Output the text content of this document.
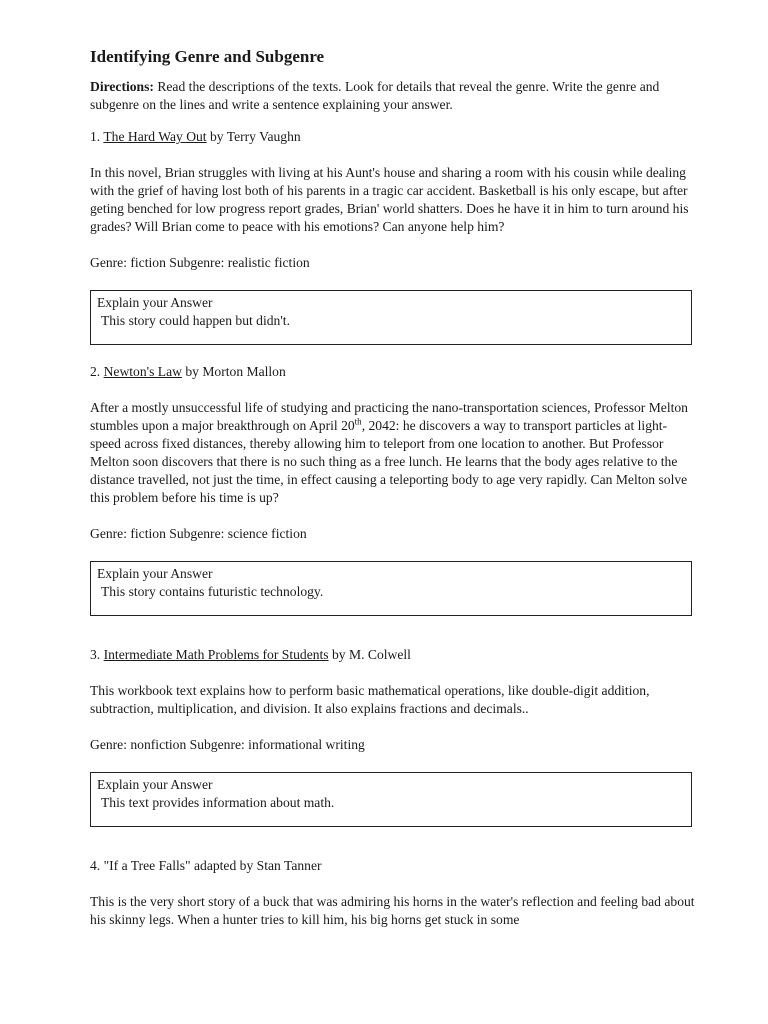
Identifying Genre and Subgenre
Directions: Read the descriptions of the texts. Look for details that reveal the genre. Write the genre and subgenre on the lines and write a sentence explaining your answer.
1. The Hard Way Out by Terry Vaughn
In this novel, Brian struggles with living at his Aunt's house and sharing a room with his cousin while dealing with the grief of having lost both of his parents in a tragic car accident. Basketball is his only escape, but after geting benched for low progress report grades, Brian' world shatters. Does he have it in him to turn around his grades? Will Brian come to peace with his emotions? Can anyone help him?
Genre: fiction Subgenre: realistic fiction
Explain your Answer
This story could happen but didn't.
2. Newton's Law by Morton Mallon
After a mostly unsuccessful life of studying and practicing the nano-transportation sciences, Professor Melton stumbles upon a major breakthrough on April 20th, 2042: he discovers a way to transport particles at light-speed across fixed distances, thereby allowing him to teleport from one location to another. But Professor Melton soon discovers that there is no such thing as a free lunch. He learns that the body ages relative to the distance travelled, not just the time, in effect causing a teleporting body to age very rapidly. Can Melton solve this problem before his time is up?
Genre: fiction Subgenre: science fiction
Explain your Answer
This story contains futuristic technology.
3. Intermediate Math Problems for Students by M. Colwell
This workbook text explains how to perform basic mathematical operations, like double-digit addition, subtraction, multiplication, and division. It also explains fractions and decimals..
Genre: nonfiction Subgenre: informational writing
Explain your Answer
This text provides information about math.
4. "If a Tree Falls" adapted by Stan Tanner
This is the very short story of a buck that was admiring his horns in the water's reflection and feeling bad about his skinny legs. When a hunter tries to kill him, his big horns get stuck in some
